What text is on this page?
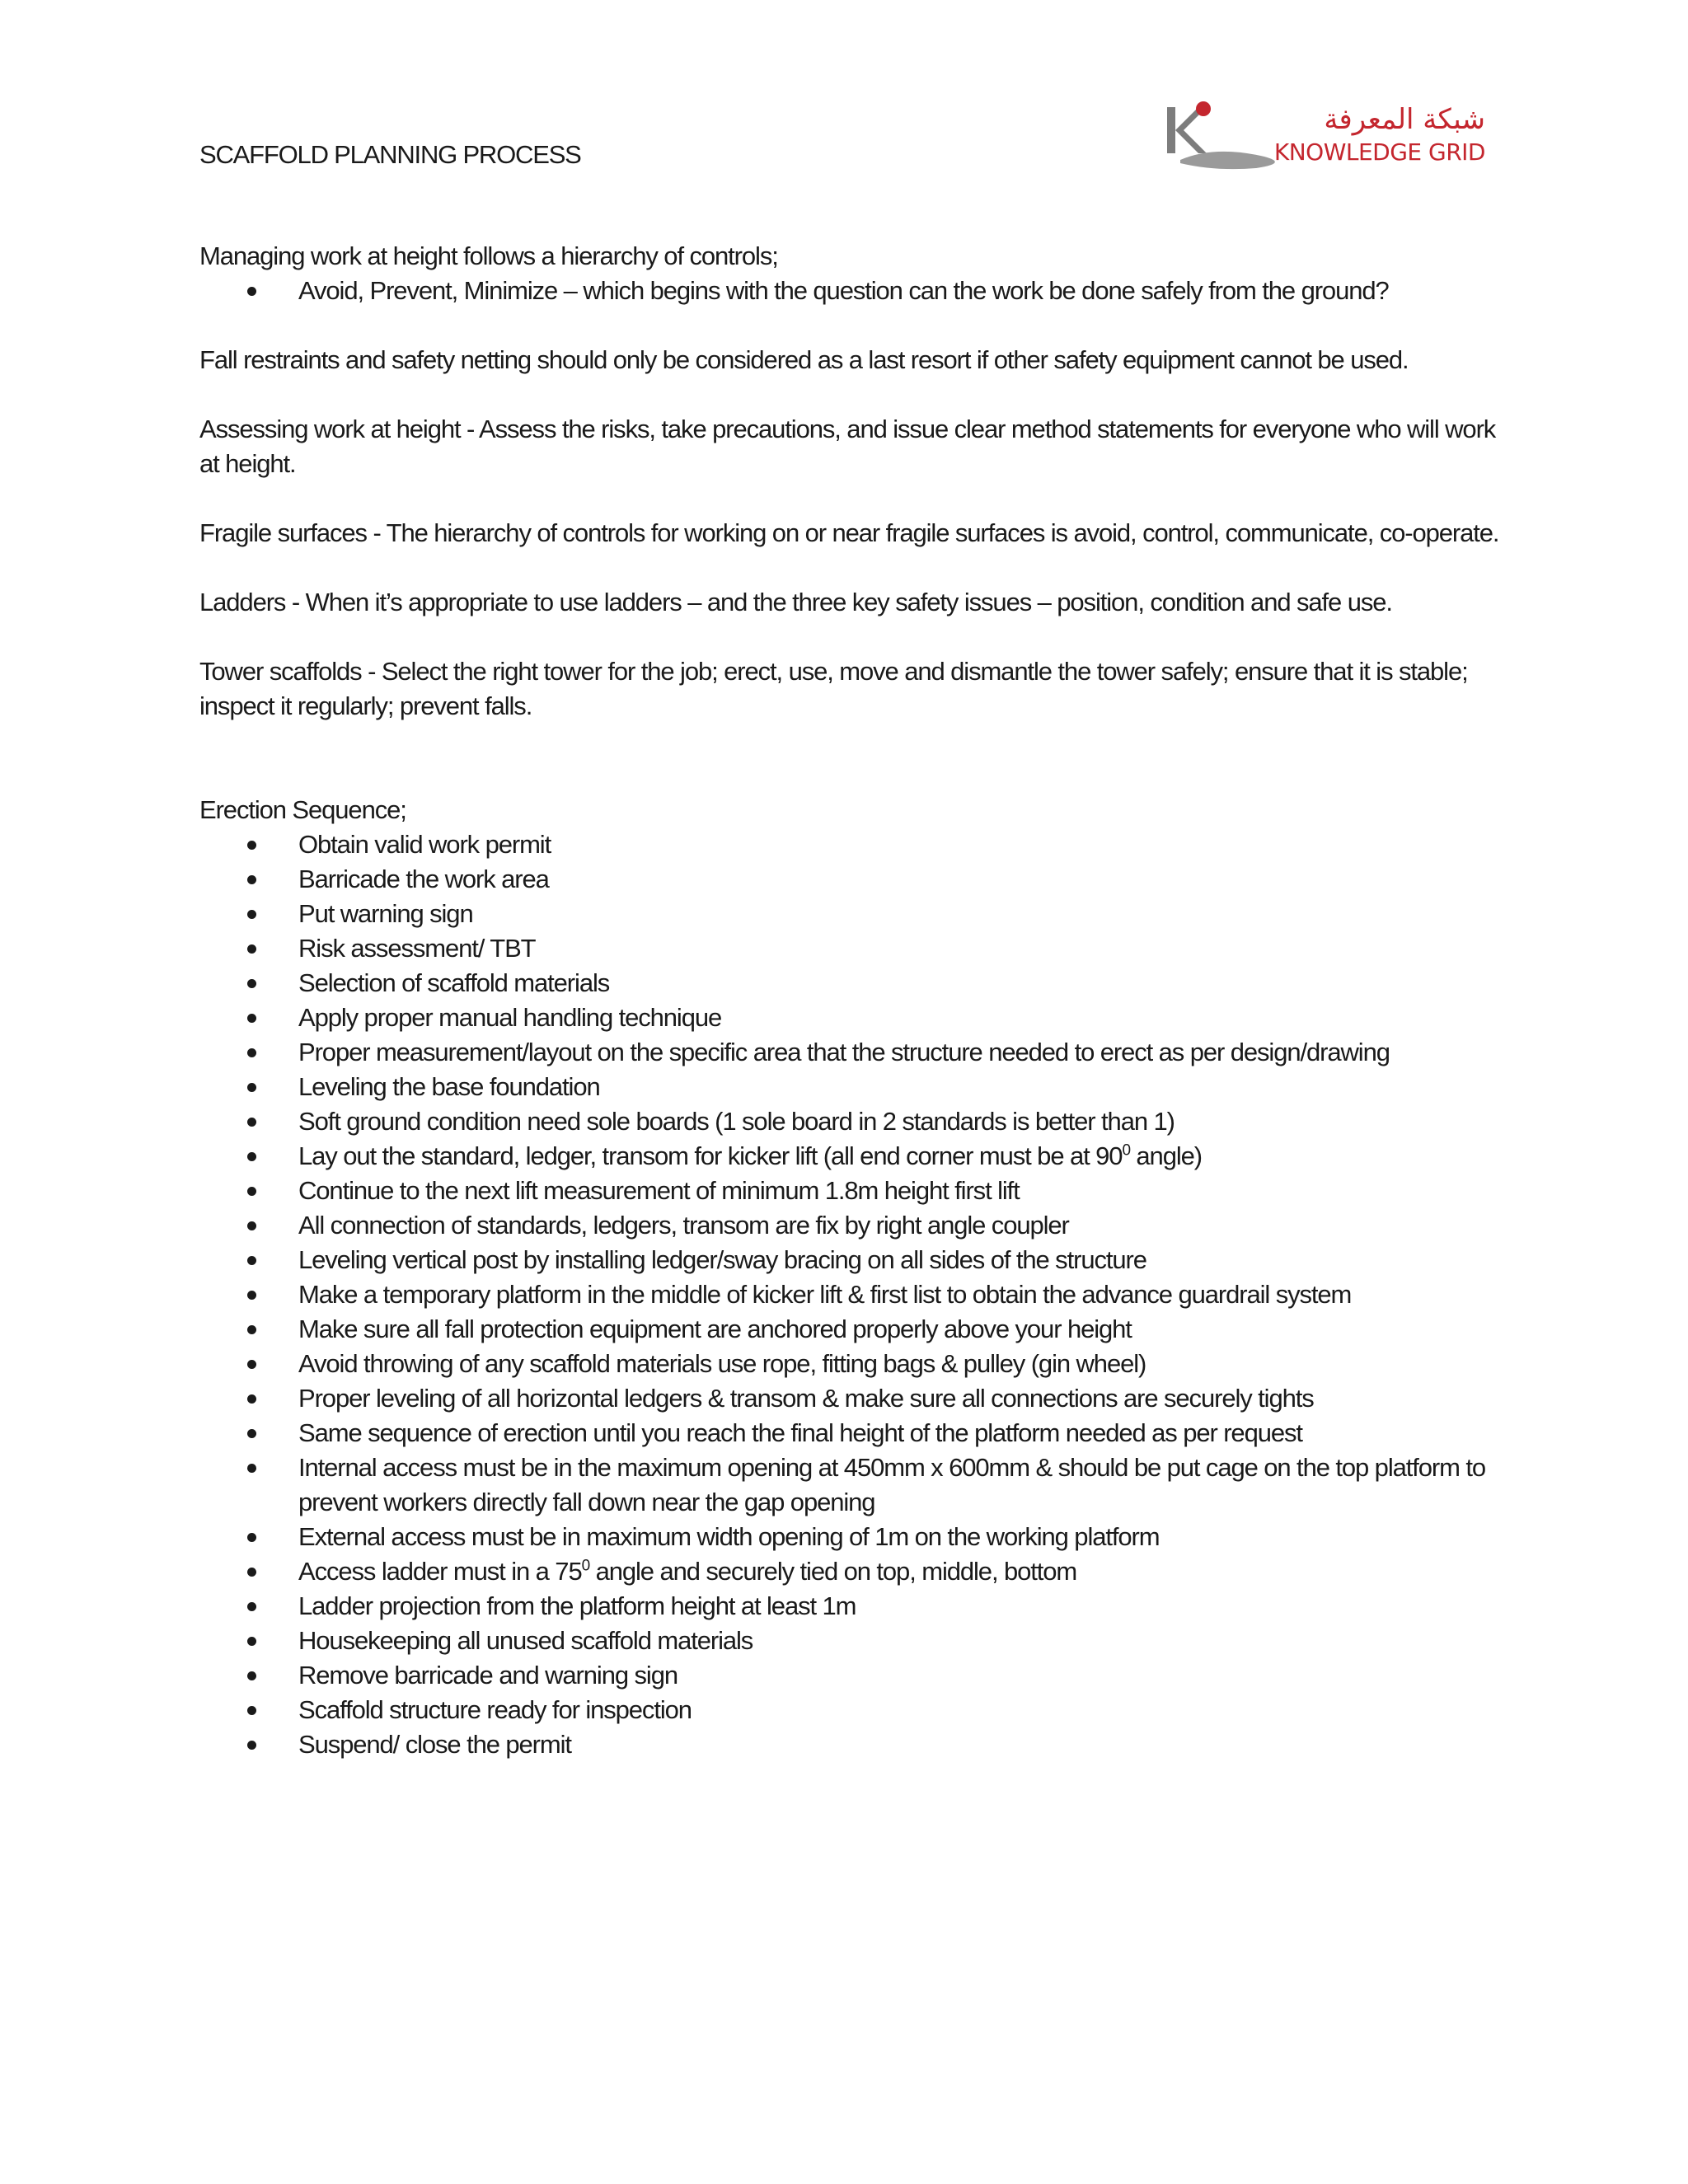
SCAFFOLD PLANNING PROCESS
شبكة المعرفة
KNOWLEDGE GRID

Managing work at height follows a hierarchy of controls;

Avoid, Prevent, Minimize – which begins with the question can the work be done safely from the ground?

Fall restraints and safety netting should only be considered as a last resort if other safety equipment cannot be used.

Assessing work at height - Assess the risks, take precautions, and issue clear method statements for everyone who will work at height.

Fragile surfaces - The hierarchy of controls for working on or near fragile surfaces is avoid, control, communicate, co-operate.

Ladders - When it’s appropriate to use ladders – and the three key safety issues – position, condition and safe use.

Tower scaffolds - Select the right tower for the job; erect, use, move and dismantle the tower safely; ensure that it is stable; inspect it regularly; prevent falls.

Erection Sequence;

Obtain valid work permit
Barricade the work area
Put warning sign
Risk assessment/ TBT
Selection of scaffold materials
Apply proper manual handling technique
Proper measurement/layout on the specific area that the structure needed to erect as per design/drawing
Leveling the base foundation
Soft ground condition need sole boards (1 sole board in 2 standards is better than 1)
Lay out the standard, ledger, transom for kicker lift (all end corner must be at $90^0$ angle)
Continue to the next lift measurement of minimum 1.8m height first lift
All connection of standards, ledgers, transom are fix by right angle coupler
Leveling vertical post by installing ledger/sway bracing on all sides of the structure
Make a temporary platform in the middle of kicker lift & first list to obtain the advance guardrail system
Make sure all fall protection equipment are anchored properly above your height
Avoid throwing of any scaffold materials use rope, fitting bags & pulley (gin wheel)
Proper leveling of all horizontal ledgers & transom & make sure all connections are securely tights
Same sequence of erection until you reach the final height of the platform needed as per request
Internal access must be in the maximum opening at 450mm x 600mm & should be put cage on the top platform to prevent workers directly fall down near the gap opening
External access must be in maximum width opening of 1m on the working platform
Access ladder must in a $75^0$ angle and securely tied on top, middle, bottom
Ladder projection from the platform height at least 1m
Housekeeping all unused scaffold materials
Remove barricade and warning sign
Scaffold structure ready for inspection
Suspend/ close the permit
